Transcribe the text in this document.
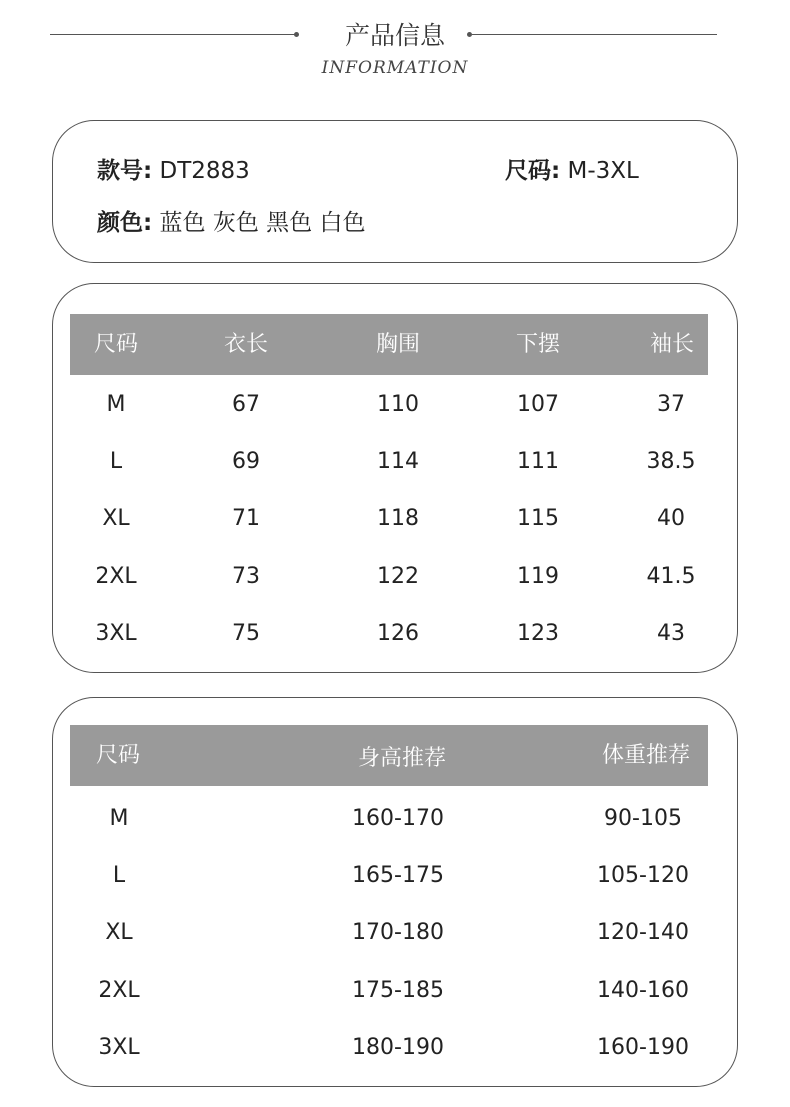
产品信息
INFORMATION
款号: DT2883	尺码: M-3XL
颜色: 蓝色 灰色 黑色 白色
尺码	衣长	胸围	下摆	袖长
M	67	110	107	37
L	69	114	111	38.5
XL	71	118	115	40
2XL	73	122	119	41.5
3XL	75	126	123	43
尺码	身高推荐	体重推荐
M	160-170	90-105
L	165-175	105-120
XL	170-180	120-140
2XL	175-185	140-160
3XL	180-190	160-190
